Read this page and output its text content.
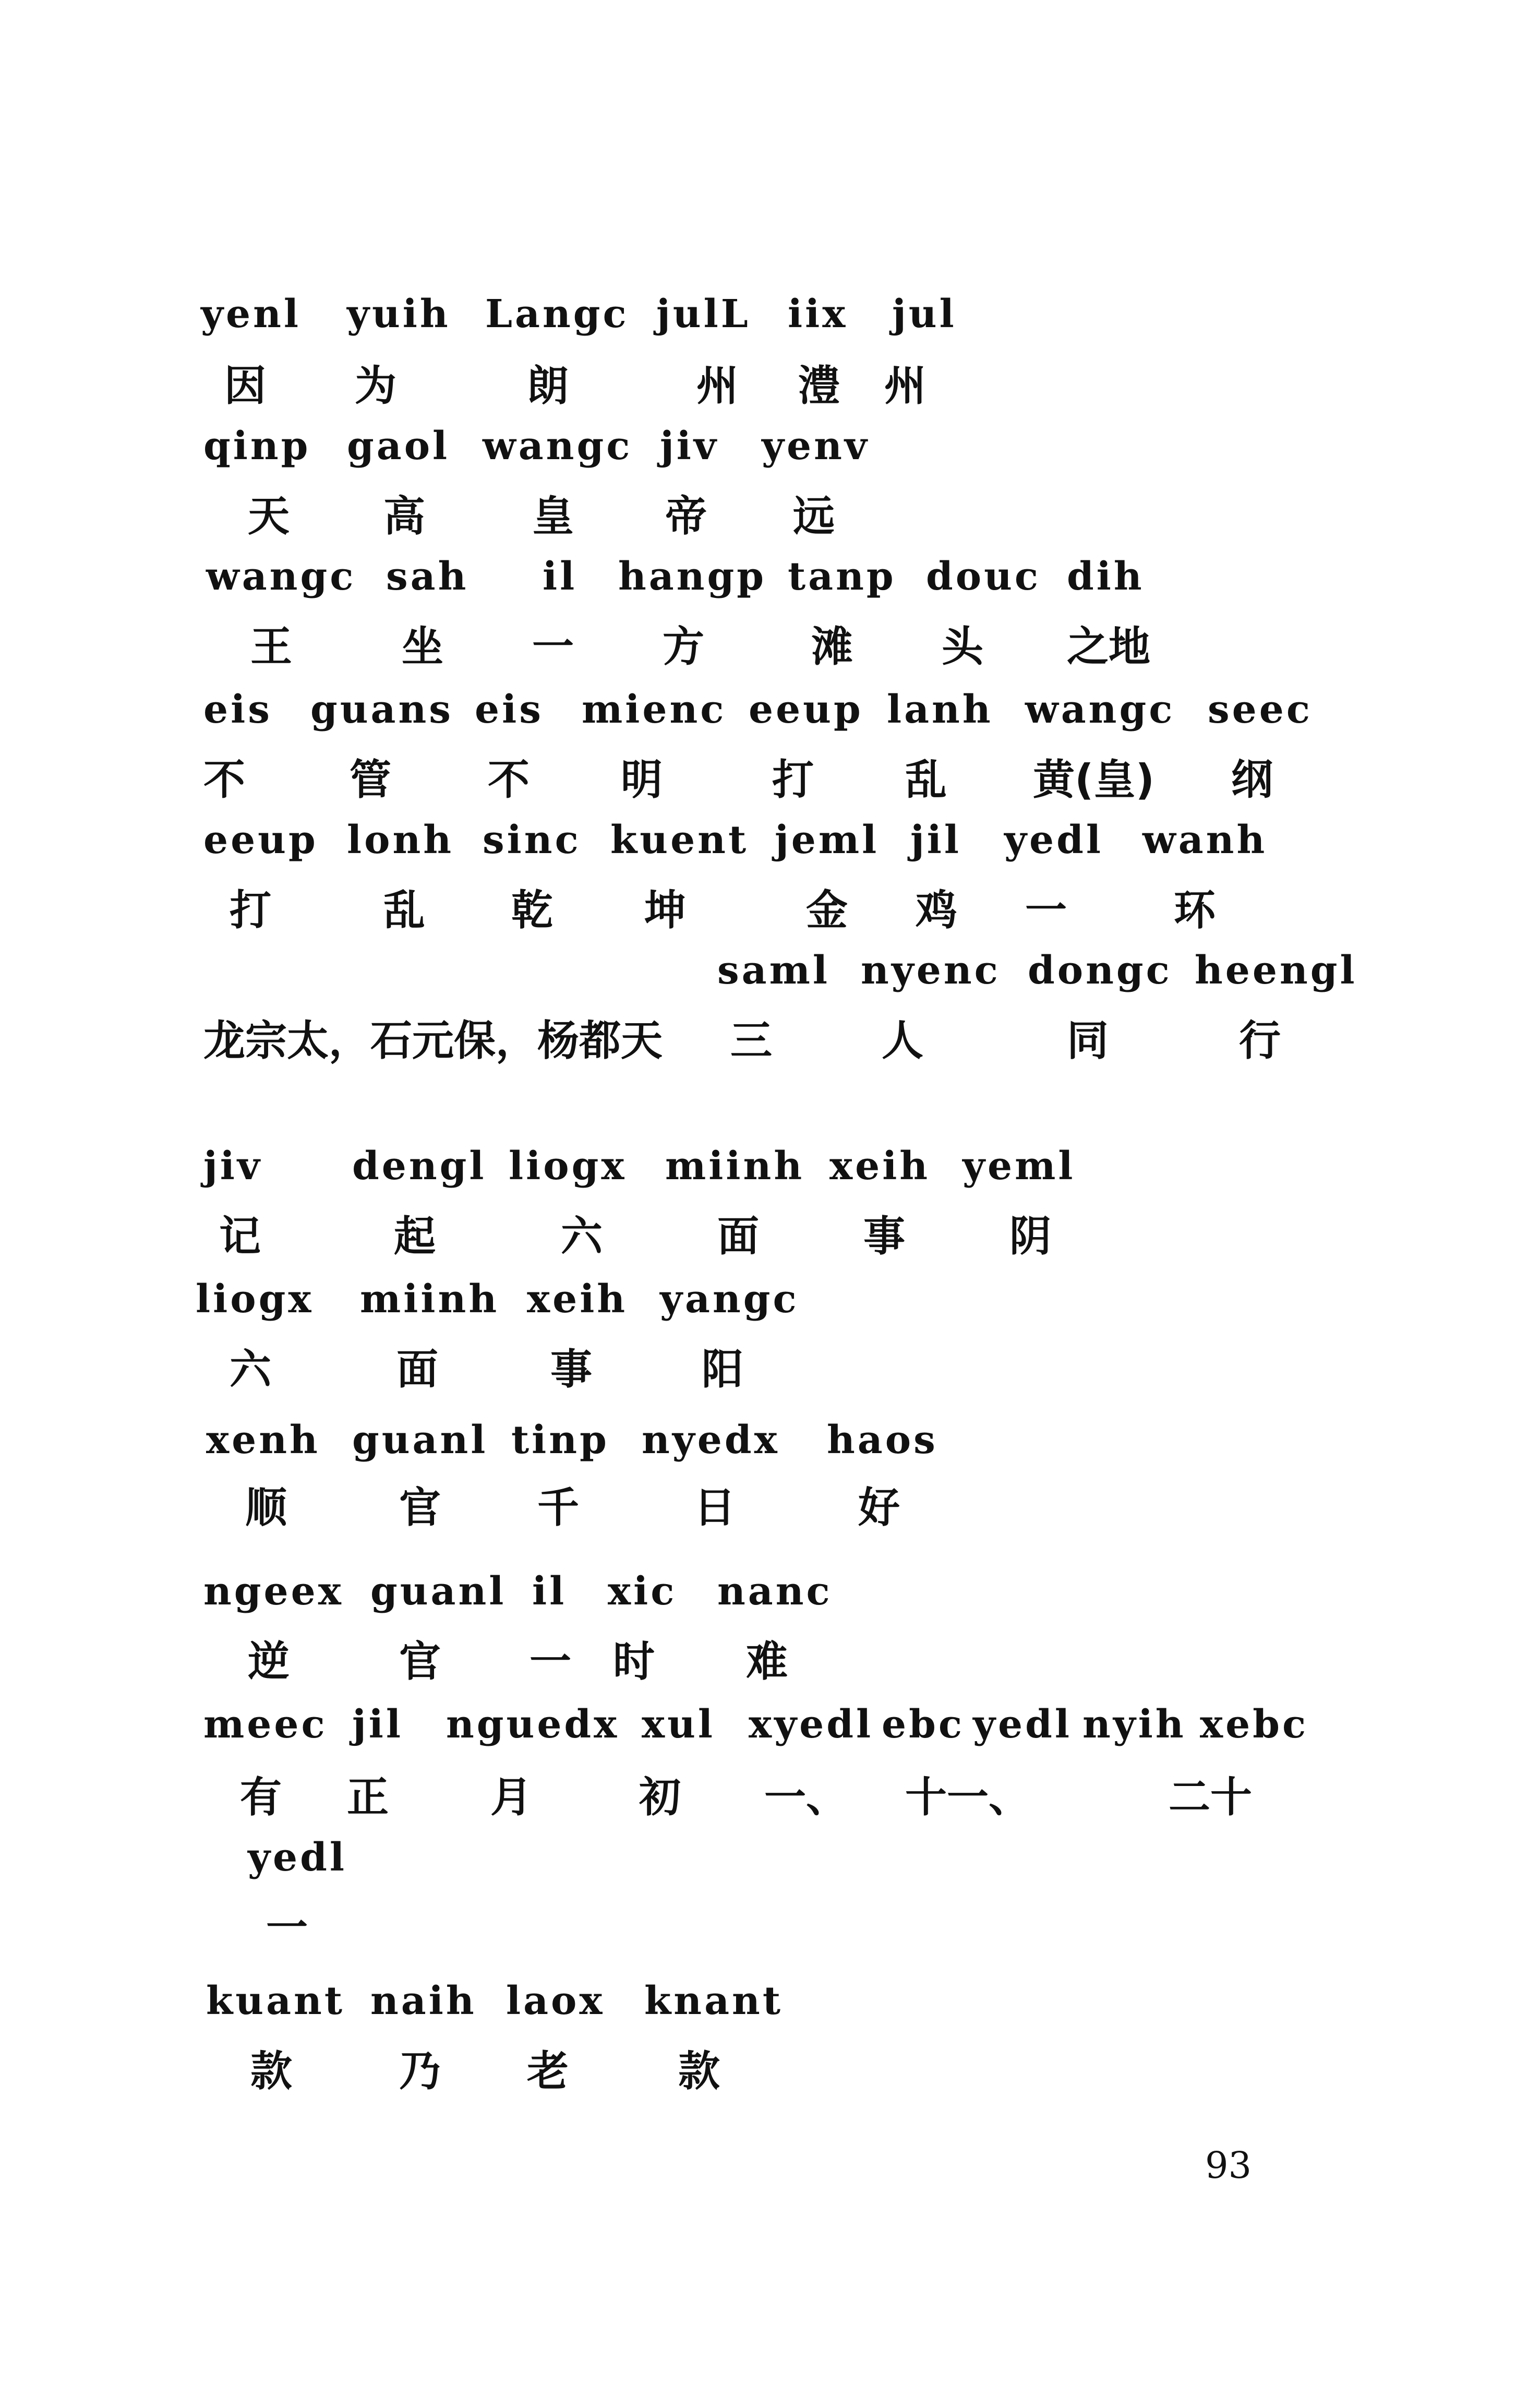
yenl yuih Langc julL iix jul
因 为	朗	州 澧 州
qinp gaol wangc jiv yenv
天 高	皇 帝 远
wangc sah il hangp tanp douc dih
王	坐 一 方	滩 头 之地
eis guans eis mienc eeup lanh wangc seec
不	管 不 明	打 乱 黄(皇) 纲
eeup lonh sinc kuent jeml jil yedl wanh
打	乱 乾 坤	金 鸡 一	环
saml nyenc dongc heengl
龙宗太，石元保，杨都天 三	人	同	行
jiv dengl liogx miinh xeih yeml
记	起	六	面	事	阴
liogx miinh xeih yangc
六	面	事	阳
xenh guanl tinp nyedx haos
顺	官 千	日	好
ngeex guanl il xic nanc
逆	官 一 时 难
meec jil nguedx xul xyedl ebc yedl nyih xebc
有 正 月	初 一、 十一、	二十
yedl
一
kuant naih laox knant
款	乃 老	款
93
